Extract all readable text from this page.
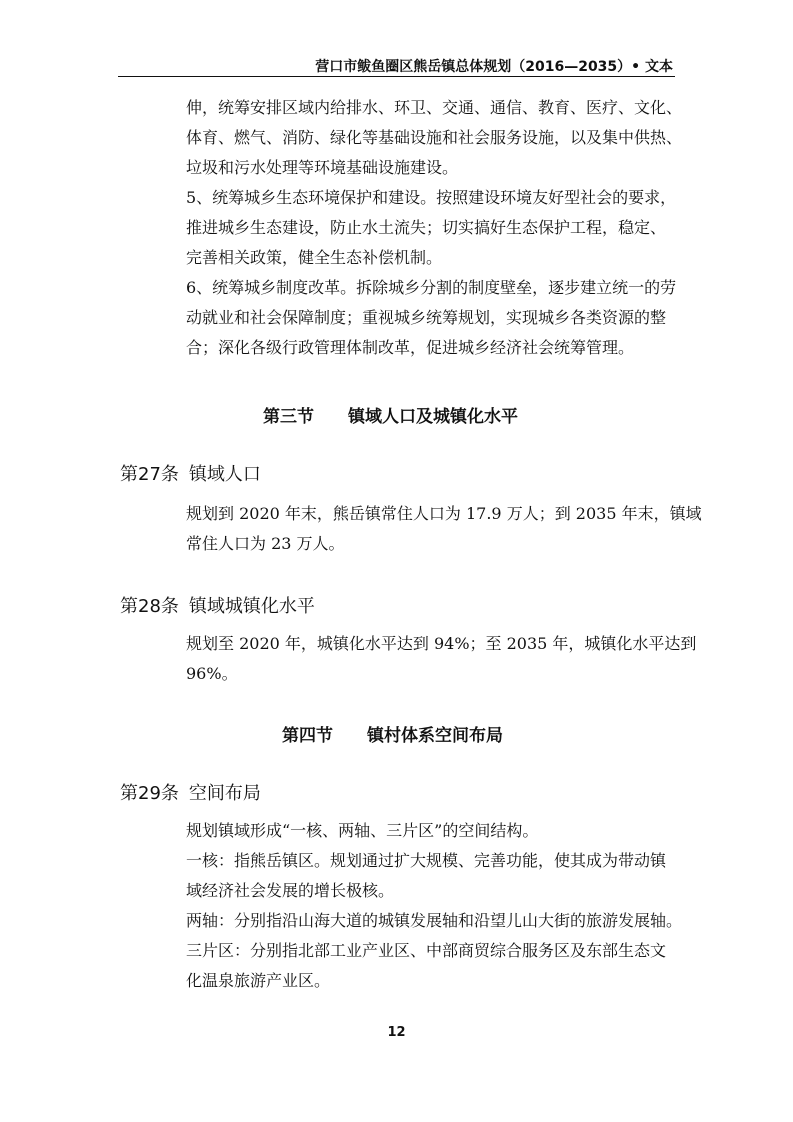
营口市鲅鱼圈区熊岳镇总体规划（2016—2035）• 文本
伸，统筹安排区域内给排水、环卫、交通、通信、教育、医疗、文化、
体育、燃气、消防、绿化等基础设施和社会服务设施，以及集中供热、
垃圾和污水处理等环境基础设施建设。
5、统筹城乡生态环境保护和建设。按照建设环境友好型社会的要求，
推进城乡生态建设，防止水土流失；切实搞好生态保护工程，稳定、
完善相关政策，健全生态补偿机制。
6、统筹城乡制度改革。拆除城乡分割的制度壁垒，逐步建立统一的劳
动就业和社会保障制度；重视城乡统筹规划，实现城乡各类资源的整
合；深化各级行政管理体制改革，促进城乡经济社会统筹管理。
第三节 镇域人口及城镇化水平
第27条 镇域人口
规划到 2020 年末，熊岳镇常住人口为 17.9 万人；到 2035 年末，镇域
常住人口为 23 万人。
第28条 镇域城镇化水平
规划至 2020 年，城镇化水平达到 94%；至 2035 年，城镇化水平达到
96%。
第四节 镇村体系空间布局
第29条 空间布局
规划镇域形成“一核、两轴、三片区”的空间结构。
一核：指熊岳镇区。规划通过扩大规模、完善功能，使其成为带动镇
域经济社会发展的增长极核。
两轴：分别指沿山海大道的城镇发展轴和沿望儿山大街的旅游发展轴。
三片区：分别指北部工业产业区、中部商贸综合服务区及东部生态文
化温泉旅游产业区。
12
